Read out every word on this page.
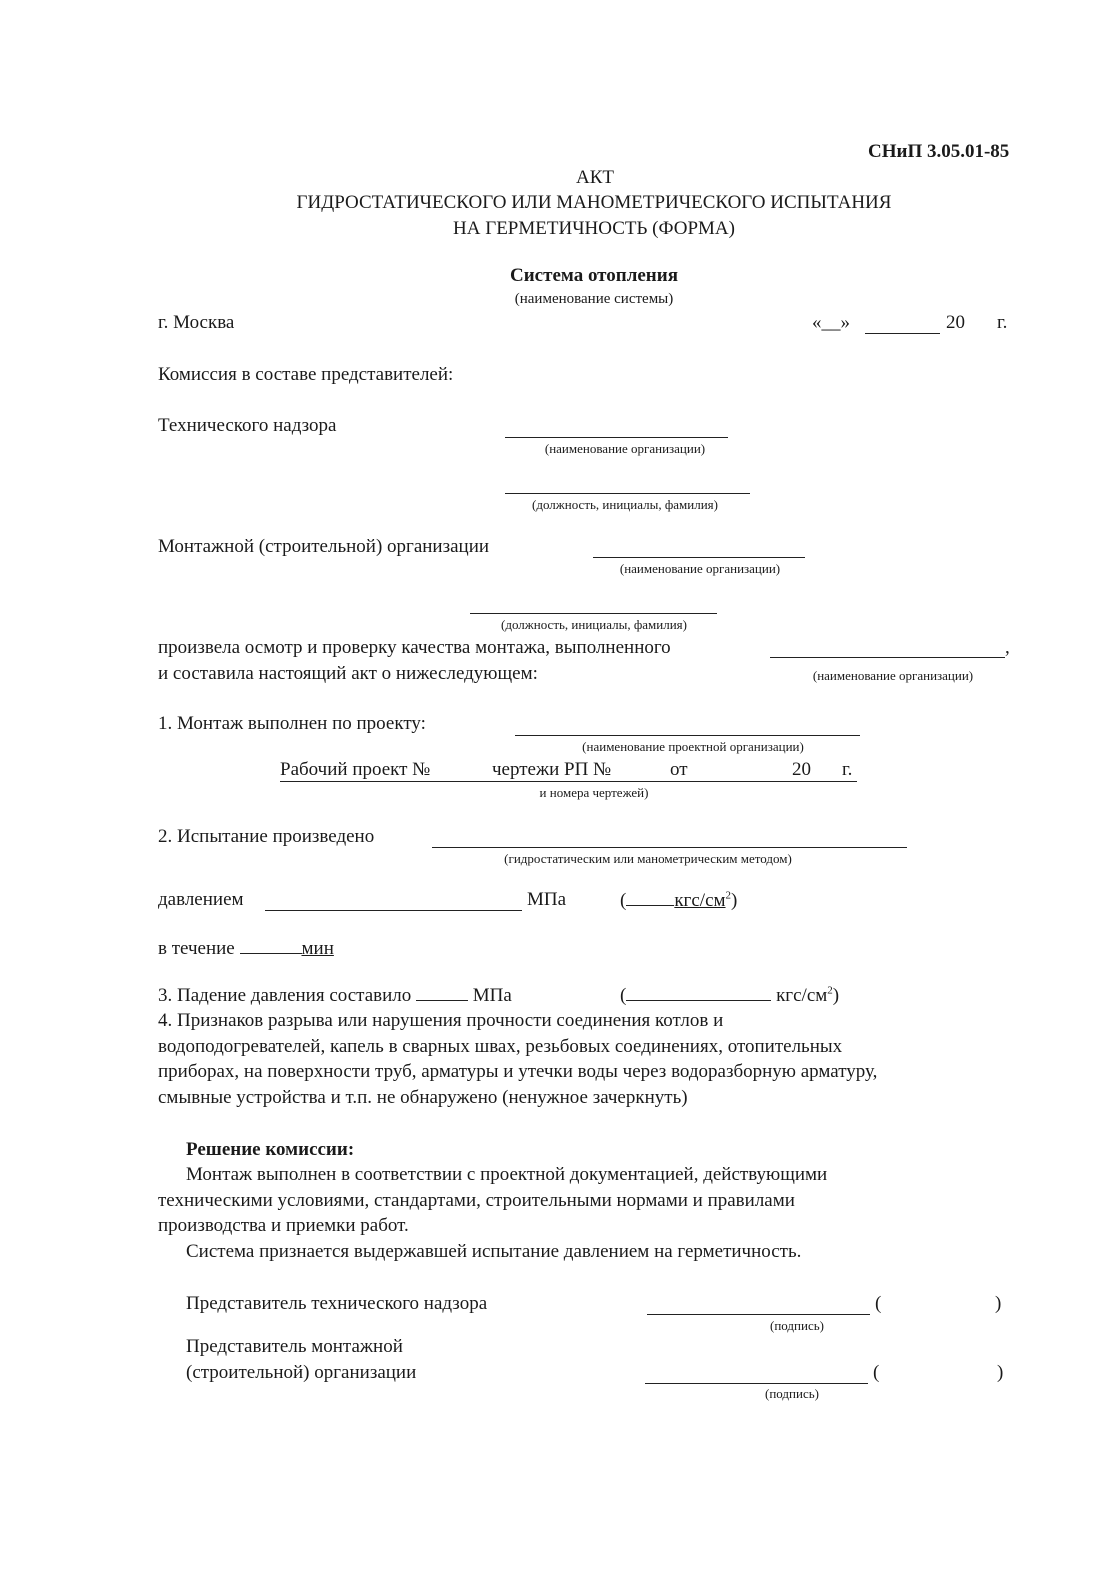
СНиП 3.05.01-85
АКТ
ГИДРОСТАТИЧЕСКОГО ИЛИ МАНОМЕТРИЧЕСКОГО ИСПЫТАНИЯ
НА ГЕРМЕТИЧНОСТЬ (ФОРМА)
Система отопления
(наименование системы)
г. Москва	«__»	20 г.
Комиссия в составе представителей:
Технического надзора
(наименование организации)
(должность, инициалы, фамилия)
Монтажной (строительной) организации
(наименование организации)
(должность, инициалы, фамилия)
произвела осмотр и проверку качества монтажа, выполненного	,
и составила настоящий акт о нижеследующем:	(наименование организации)
1. Монтаж выполнен по проекту:
(наименование проектной организации)
Рабочий проект №	чертежи РП №	от	20 г.
и номера чертежей)
2. Испытание произведено
(гидростатическим или манометрическим методом)
давлением	МПа	(	кгс/$см^2$)
в течение	мин
3. Падение давления составило	МПа	(	кгс/$см^2$)
4. Признаков разрыва или нарушения прочности соединения котлов и
водоподогревателей, капель в сварных швах, резьбовых соединениях, отопительных
приборах, на поверхности труб, арматуры и утечки воды через водоразборную арматуру,
смывные устройства и т.п. не обнаружено (ненужное зачеркнуть)
Решение комиссии:
Монтаж выполнен в соответствии с проектной документацией, действующими
техническими условиями, стандартами, строительными нормами и правилами
производства и приемки работ.
Система признается выдержавшей испытание давлением на герметичность.
Представитель технического надзора	(	)
(подпись)
Представитель монтажной
(строительной) организации	(	)
(подпись)
